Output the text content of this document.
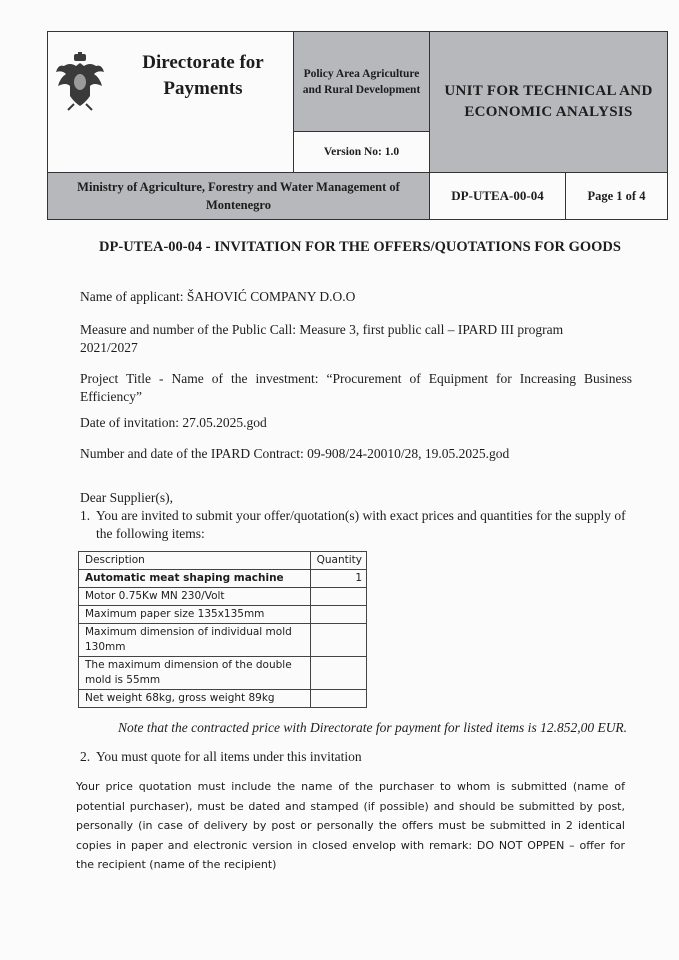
Directorate for Payments
	Policy Area Agriculture and Rural Development	UNIT FOR TECHNICAL AND ECONOMIC ANALYSIS
Version No: 1.0
Ministry of Agriculture, Forestry and Water Management of Montenegro	
DP-UTEA-00-04	Page 1 of 4
DP-UTEA-00-04 - INVITATION FOR THE OFFERS/QUOTATIONS FOR GOODS
Name of applicant: ŠAHOVIĆ COMPANY D.O.O
Measure and number of the Public Call: Measure 3, first public call – IPARD III program 2021/2027
Project Title - Name of the investment: “Procurement of Equipment for Increasing Business Efficiency”
Date of invitation: 27.05.2025.god
Number and date of the IPARD Contract: 09-908/24-20010/28, 19.05.2025.god
Dear Supplier(s),
1. You are invited to submit your offer/quotation(s) with exact prices and quantities for the supply of the following items:
Description	Quantity
Automatic meat shaping machine	1
Motor 0.75Kw MN 230/Volt	
Maximum paper size 135x135mm	
Maximum dimension of individual mold 130mm	
The maximum dimension of the double mold is 55mm	
Net weight 68kg, gross weight 89kg	
Note that the contracted price with Directorate for payment for listed items is 12.852,00 EUR.
2. You must quote for all items under this invitation
Your price quotation must include the name of the purchaser to whom is submitted (name of potential purchaser), must be dated and stamped (if possible) and should be submitted by post, personally (in case of delivery by post or personally the offers must be submitted in 2 identical copies in paper and electronic version in closed envelop with remark: DO NOT OPPEN – offer for the recipient (name of the recipient)
